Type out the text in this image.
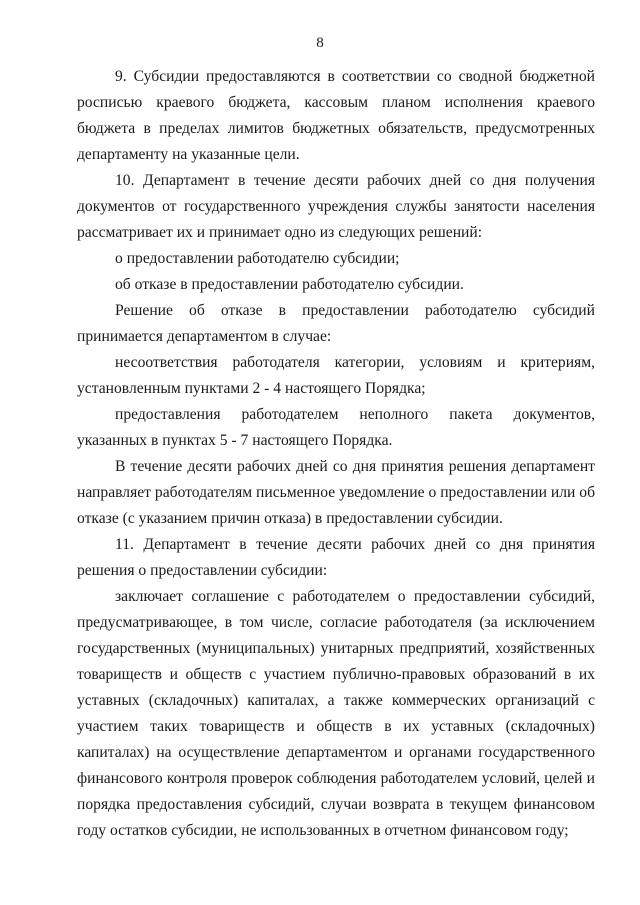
8

9. Субсидии предоставляются в соответствии со сводной бюджетной росписью краевого бюджета, кассовым планом исполнения краевого бюджета в пределах лимитов бюджетных обязательств, предусмотренных департаменту на указанные цели.

10. Департамент в течение десяти рабочих дней со дня получения документов от государственного учреждения службы занятости населения рассматривает их и принимает одно из следующих решений:

о предоставлении работодателю субсидии;

об отказе в предоставлении работодателю субсидии.

Решение об отказе в предоставлении работодателю субсидий принимается департаментом в случае:

несоответствия работодателя категории, условиям и критериям, установленным пунктами 2 - 4 настоящего Порядка;

предоставления работодателем неполного пакета документов, указанных в пунктах 5 - 7 настоящего Порядка.

В течение десяти рабочих дней со дня принятия решения департамент направляет работодателям письменное уведомление о предоставлении или об отказе (с указанием причин отказа) в предоставлении субсидии.

11. Департамент в течение десяти рабочих дней со дня принятия решения о предоставлении субсидии:

заключает соглашение с работодателем о предоставлении субсидий, предусматривающее, в том числе, согласие работодателя (за исключением государственных (муниципальных) унитарных предприятий, хозяйственных товариществ и обществ с участием публично-правовых образований в их уставных (складочных) капиталах, а также коммерческих организаций с участием таких товариществ и обществ в их уставных (складочных) капиталах) на осуществление департаментом и органами государственного финансового контроля проверок соблюдения работодателем условий, целей и порядка предоставления субсидий, случаи возврата в текущем финансовом году остатков субсидии, не использованных в отчетном финансовом году;
